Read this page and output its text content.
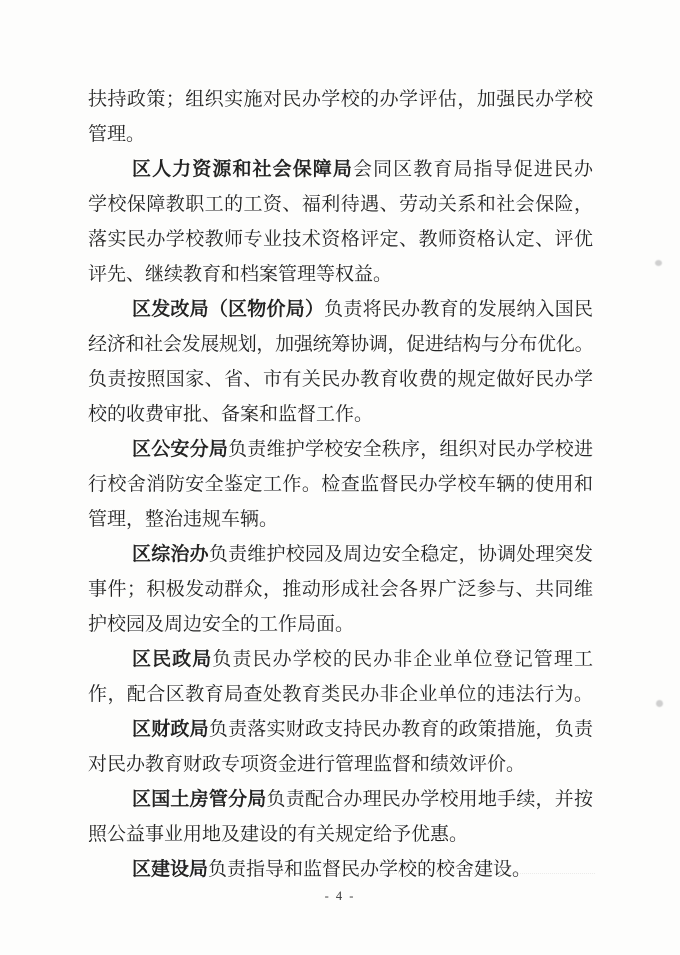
扶持政策；组织实施对民办学校的办学评估，加强民办学校
管理。
区人力资源和社会保障局会同区教育局指导促进民办
学校保障教职工的工资、福利待遇、劳动关系和社会保险，
落实民办学校教师专业技术资格评定、教师资格认定、评优
评先、继续教育和档案管理等权益。
区发改局（区物价局）负责将民办教育的发展纳入国民
经济和社会发展规划，加强统筹协调，促进结构与分布优化。
负责按照国家、省、市有关民办教育收费的规定做好民办学
校的收费审批、备案和监督工作。
区公安分局负责维护学校安全秩序，组织对民办学校进
行校舍消防安全鉴定工作。检查监督民办学校车辆的使用和
管理，整治违规车辆。
区综治办负责维护校园及周边安全稳定，协调处理突发
事件；积极发动群众，推动形成社会各界广泛参与、共同维
护校园及周边安全的工作局面。
区民政局负责民办学校的民办非企业单位登记管理工
作，配合区教育局查处教育类民办非企业单位的违法行为。
区财政局负责落实财政支持民办教育的政策措施，负责
对民办教育财政专项资金进行管理监督和绩效评价。
区国土房管分局负责配合办理民办学校用地手续，并按
照公益事业用地及建设的有关规定给予优惠。
区建设局负责指导和监督民办学校的校舍建设。
- 4 -
